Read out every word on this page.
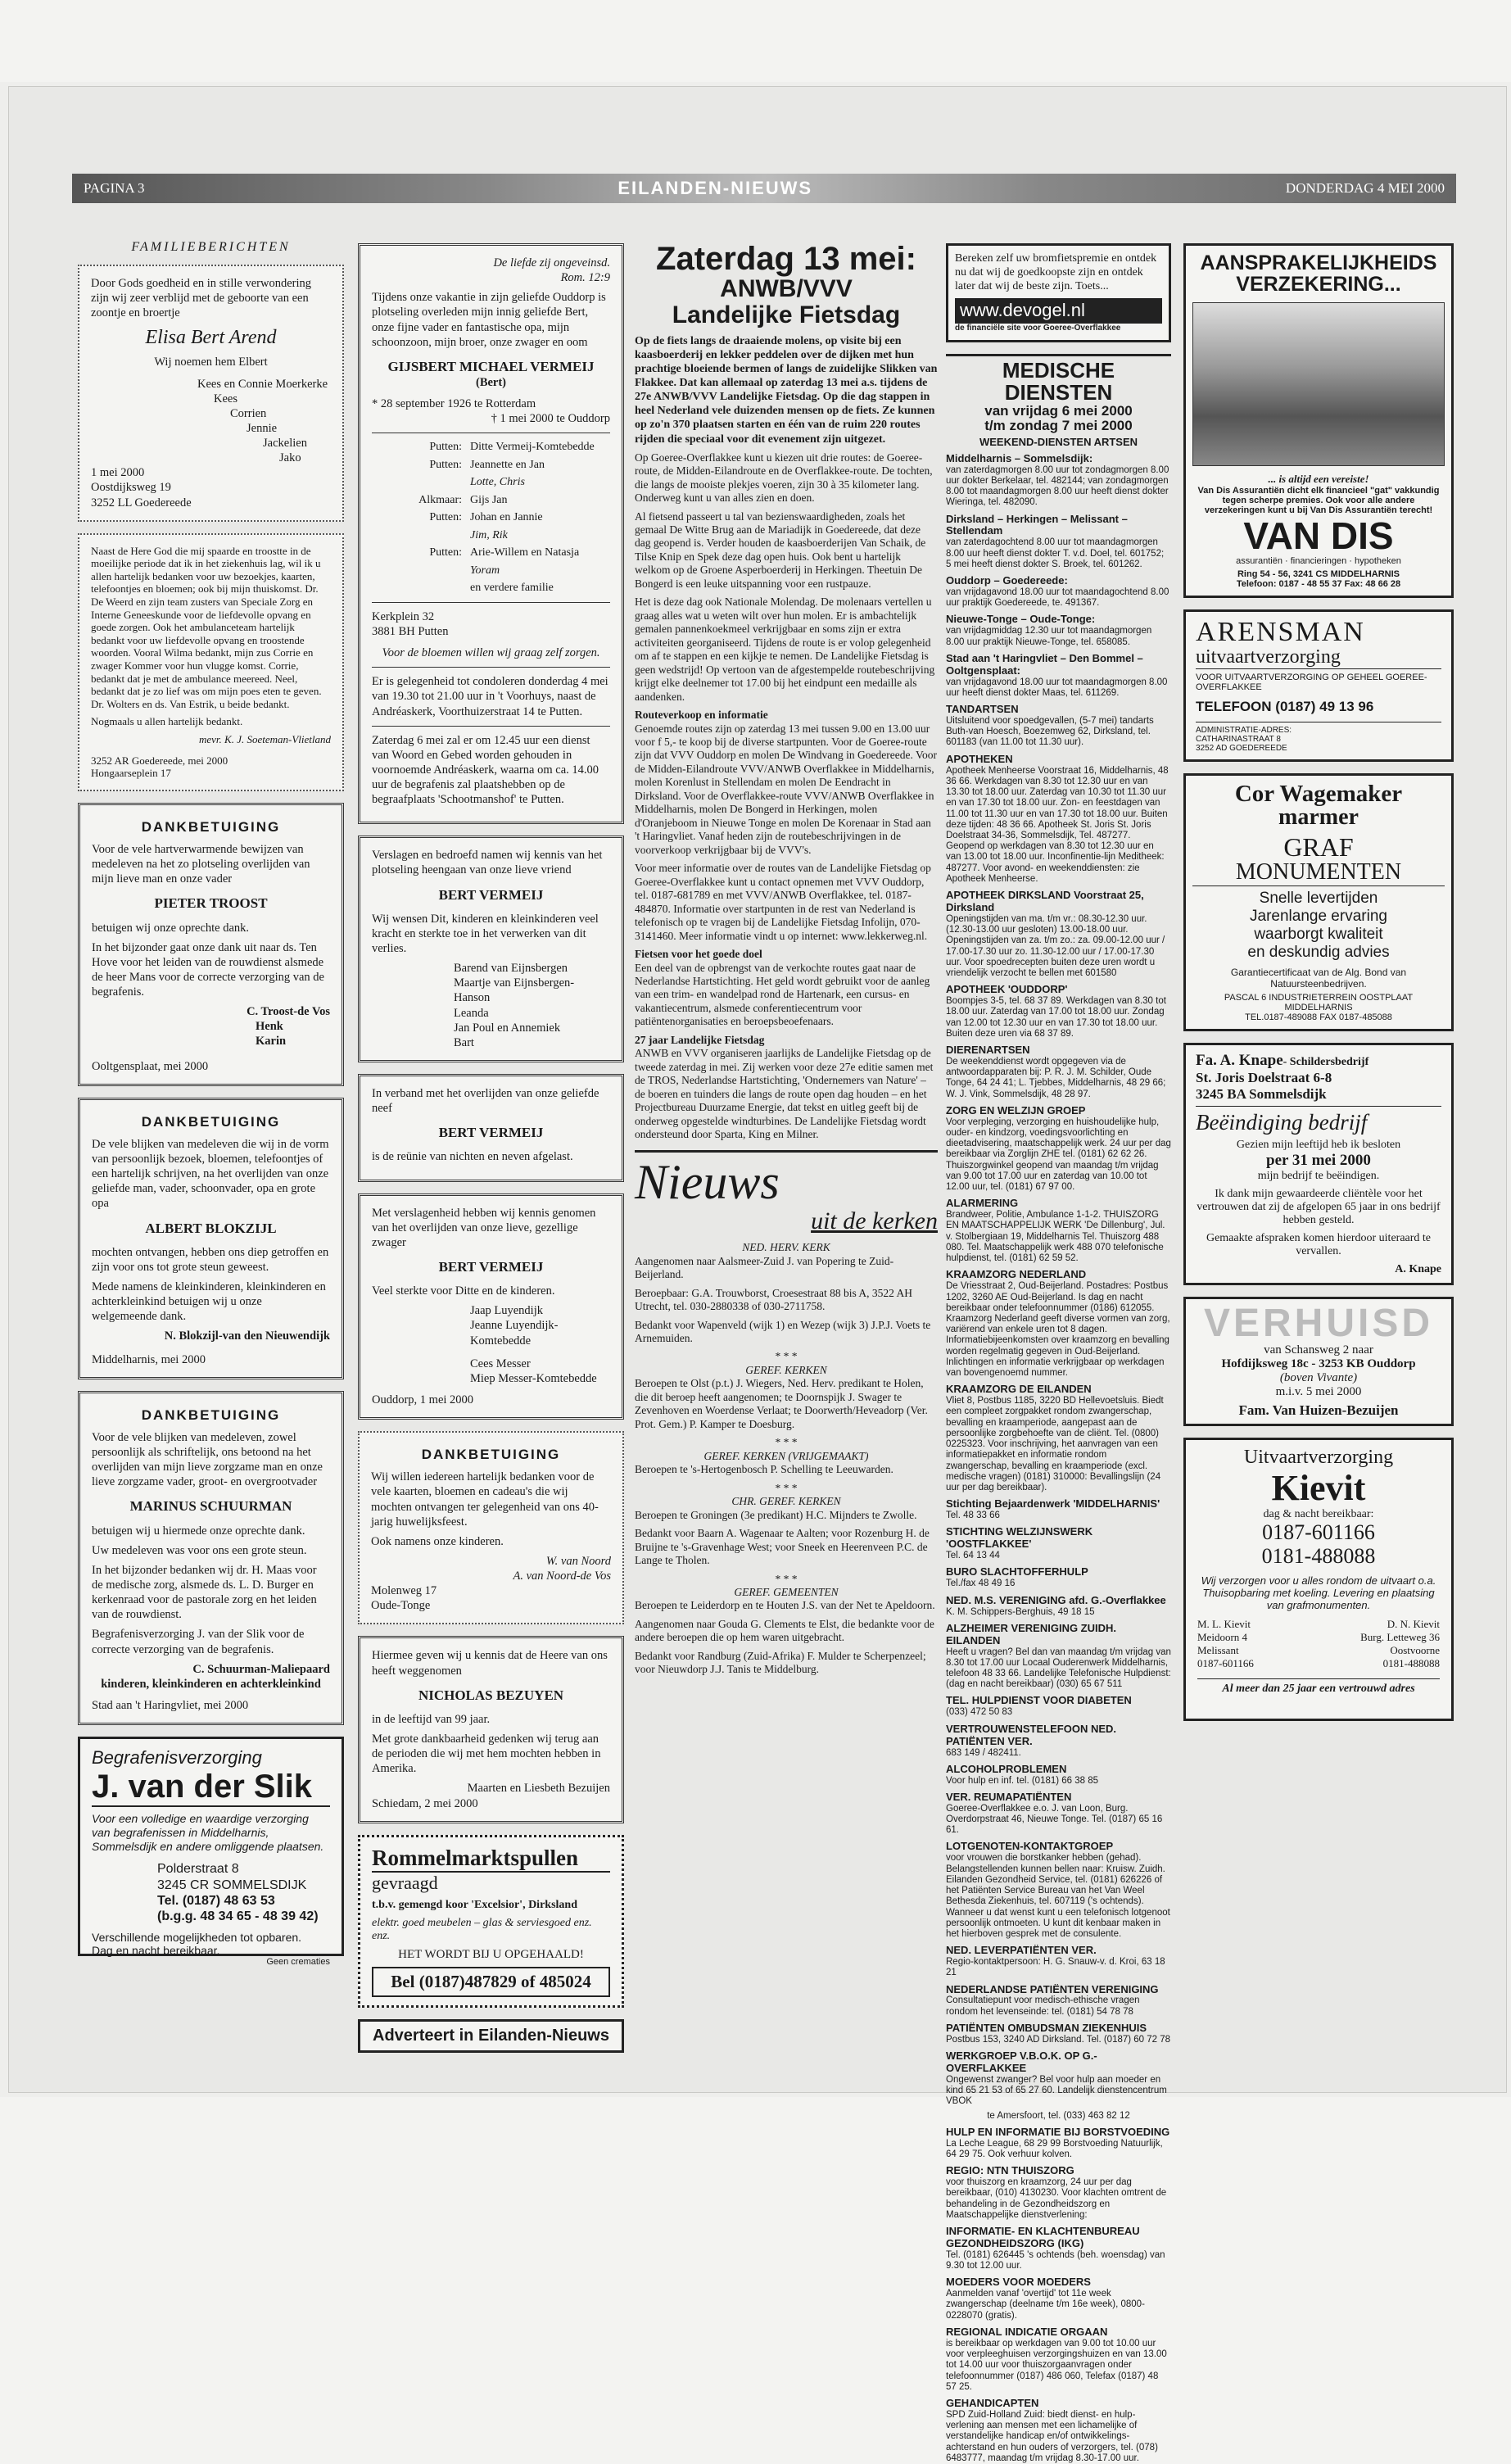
PAGINA 3	EILANDEN-NIEUWS	DONDERDAG 4 MEI 2000
FAMILIEBERICHTEN

Door Gods goedheid en in stille verwondering zijn wij zeer verblijd met de geboorte van een zoontje en broertje

Elisa Bert Arend
Wij noemen hem Elbert
Kees en Connie Moerkerke
Kees
Corrien
Jennie
Jackelien
Jako
1 mei 2000
Oostdijksweg 19
3252 LL Goedereede

Naast de Here God die mij spaarde en troostte in de moeilijke periode dat ik in het ziekenhuis lag, wil ik u allen hartelijk bedanken voor uw bezoekjes, kaarten, telefoontjes en bloemen; ook bij mijn thuiskomst. Dr. De Weerd en zijn team zusters van Speciale Zorg en Interne Geneeskunde voor de liefdevolle opvang en goede zorgen. Ook het ambulanceteam hartelijk bedankt voor uw liefdevolle opvang en troostende woorden. Vooral Wilma bedankt, mijn zus Corrie en zwager Kommer voor hun vlugge komst. Corrie, bedankt dat je met de ambulance meereed. Neel, bedankt dat je zo lief was om mijn poes eten te geven. Dr. Wolters en ds. Van Estrik, u beide bedankt.

Nogmaals u allen hartelijk bedankt.

mevr. K. J. Soeteman-Vlietland
3252 AR Goedereede, mei 2000
Hongaarseplein 17
DANKBETUIGING

Voor de vele hartverwarmende bewijzen van medeleven na het zo plotseling overlijden van mijn lieve man en onze vader

PIETER TROOST

betuigen wij onze oprechte dank.

In het bijzonder gaat onze dank uit naar ds. Ten Hove voor het leiden van de rouwdienst alsmede de heer Mans voor de correcte verzorging van de begrafenis.

C. Troost-de Vos
Henk
Karin
Ooltgensplaat, mei 2000
DANKBETUIGING

De vele blijken van medeleven die wij in de vorm van persoonlijk bezoek, bloemen, telefoontjes of een hartelijk schrijven, na het overlijden van onze geliefde man, vader, schoonvader, opa en grote opa

ALBERT BLOKZIJL

mochten ontvangen, hebben ons diep getroffen en zijn voor ons tot grote steun geweest.

Mede namens de kleinkinderen, kleinkinderen en achterkleinkind betuigen wij u onze welgemeende dank.

N. Blokzijl-van den Nieuwendijk
Middelharnis, mei 2000
DANKBETUIGING

Voor de vele blijken van medeleven, zowel persoonlijk als schriftelijk, ons betoond na het overlijden van mijn lieve zorgzame man en onze lieve zorgzame vader, groot- en overgrootvader

MARINUS SCHUURMAN

betuigen wij u hiermede onze oprechte dank.

Uw medeleven was voor ons een grote steun.

In het bijzonder bedanken wij dr. H. Maas voor de medische zorg, alsmede ds. L. D. Burger en kerkenraad voor de pastorale zorg en het leiden van de rouwdienst.

Begrafenisverzorging J. van der Slik voor de correcte verzorging van de begrafenis.

C. Schuurman-Maliepaard
kinderen, kleinkinderen en achterkleinkind
Stad aan 't Haringvliet, mei 2000
Begrafenisverzorging
J. van der Slik
Voor een volledige en waardige verzorging van begrafenissen in Middelharnis, Sommelsdijk en andere omliggende plaatsen.
Polderstraat 8
3245 CR SOMMELSDIJK
Tel. (0187) 48 63 53
(b.g.g. 48 34 65 - 48 39 42)
Verschillende mogelijkheden tot opbaren.
Dag en nacht bereikbaar.
Geen crematies
De liefde zij ongeveinsd.
Rom. 12:9

Tijdens onze vakantie in zijn geliefde Ouddorp is plotseling overleden mijn innig geliefde Bert, onze fijne vader en fantastische opa, mijn schoonzoon, mijn broer, onze zwager en oom

GIJSBERT MICHAEL VERMEIJ
(Bert)
* 28 september 1926 te Rotterdam
† 1 mei 2000 te Ouddorp
Putten: Ditte Vermeij-Komtebedde
Putten: Jeannette en Jan
Lotte, Chris
Alkmaar: Gijs Jan
Putten: Johan en Jannie
Jim, Rik
Putten: Arie-Willem en Natasja
Yoram
en verdere familie
Kerkplein 32
3881 BH Putten
Voor de bloemen willen wij graag zelf zorgen.

Er is gelegenheid tot condoleren donderdag 4 mei van 19.30 tot 21.00 uur in 't Voorhuys, naast de Andréaskerk, Voorthuizerstraat 14 te Putten.

Zaterdag 6 mei zal er om 12.45 uur een dienst van Woord en Gebed worden gehouden in voornoemde Andréaskerk, waarna om ca. 14.00 uur de begrafenis zal plaatshebben op de begraafplaats 'Schootmanshof' te Putten.

Verslagen en bedroefd namen wij kennis van het plotseling heengaan van onze lieve vriend

BERT VERMEIJ

Wij wensen Dit, kinderen en kleinkinderen veel kracht en sterkte toe in het verwerken van dit verlies.

Barend van Eijnsbergen
Maartje van Eijnsbergen-Hanson
Leanda
Jan Poul en Annemiek
Bart

In verband met het overlijden van onze geliefde neef

BERT VERMEIJ

is de reünie van nichten en neven afgelast.

Met verslagenheid hebben wij kennis genomen van het overlijden van onze lieve, gezellige zwager

BERT VERMEIJ

Veel sterkte voor Ditte en de kinderen.

Jaap Luyendijk
Jeanne Luyendijk-Komtebedde
Cees Messer
Miep Messer-Komtebedde
Ouddorp, 1 mei 2000
DANKBETUIGING

Wij willen iedereen hartelijk bedanken voor de vele kaarten, bloemen en cadeau's die wij mochten ontvangen ter gelegenheid van ons 40-jarig huwelijksfeest.

Ook namens onze kinderen.

W. van Noord
A. van Noord-de Vos
Molenweg 17
Oude-Tonge

Hiermee geven wij u kennis dat de Heere van ons heeft weggenomen

NICHOLAS BEZUYEN

in de leeftijd van 99 jaar.

Met grote dankbaarheid gedenken wij terug aan de perioden die wij met hem mochten hebben in Amerika.

Maarten en Liesbeth Bezuijen
Schiedam, 2 mei 2000
Rommelmarktspullen
gevraagd
t.b.v. gemengd koor 'Excelsior', Dirksland
elektr. goed meubelen – glas & serviesgoed enz. enz.
HET WORDT BIJ U OPGEHAALD!
Bel (0187)487829 of 485024
Adverteert in Eilanden-Nieuws
Zaterdag 13 mei:
ANWB/VVV
Landelijke Fietsdag

Op de fiets langs de draaiende molens, op visite bij een kaasboerderij en lekker peddelen over de dijken met hun prachtige bloeiende bermen of langs de zuidelijke Slikken van Flakkee. Dat kan allemaal op zaterdag 13 mei a.s. tijdens de 27e ANWB/VVV Landelijke Fietsdag. Op die dag stappen in heel Nederland vele duizenden mensen op de fiets. Ze kunnen op zo'n 370 plaatsen starten en één van de ruim 220 routes rijden die speciaal voor dit evenement zijn uitgezet.

Op Goeree-Overflakkee kunt u kiezen uit drie routes: de Goeree-route, de Midden-Eilandroute en de Overflakkee-route. De tochten, die langs de mooiste plekjes voeren, zijn 30 à 35 kilometer lang. Onderweg kunt u van alles zien en doen.

Al fietsend passeert u tal van bezienswaardigheden, zoals het gemaal De Witte Brug aan de Mariadijk in Goedereede, dat deze dag geopend is. Verder houden de kaasboerderijen Van Schaik, de Tilse Knip en Spek deze dag open huis. Ook bent u hartelijk welkom op de Groene Asperboerderij in Herkingen. Theetuin De Bongerd is een leuke uitspanning voor een rustpauze.

Het is deze dag ook Nationale Molendag. De molenaars vertellen u graag alles wat u weten wilt over hun molen. Er is ambachtelijk gemalen pannenkoekmeel verkrijgbaar en soms zijn er extra activiteiten georganiseerd. Tijdens de route is er volop gelegenheid om af te stappen en een kijkje te nemen. De Landelijke Fietsdag is geen wedstrijd! Op vertoon van de afgestempelde routebeschrijving krijgt elke deelnemer tot 17.00 bij het eindpunt een medaille als aandenken.

Routeverkoop en informatie

Genoemde routes zijn op zaterdag 13 mei tussen 9.00 en 13.00 uur voor f 5,- te koop bij de diverse startpunten. Voor de Goeree-route zijn dat VVV Ouddorp en molen De Windvang in Goedereede. Voor de Midden-Eilandroute VVV/ANWB Overflakkee in Middelharnis, molen Korenlust in Stellendam en molen De Eendracht in Dirksland. Voor de Overflakkee-route VVV/ANWB Overflakkee in Middelharnis, molen De Bongerd in Herkingen, molen d'Oranjeboom in Nieuwe Tonge en molen De Korenaar in Stad aan 't Haringvliet. Vanaf heden zijn de routebeschrijvingen in de voorverkoop verkrijgbaar bij de VVV's.

Voor meer informatie over de routes van de Landelijke Fietsdag op Goeree-Overflakkee kunt u contact opnemen met VVV Ouddorp, tel. 0187-681789 en met VVV/ANWB Overflakkee, tel. 0187-484870. Informatie over startpunten in de rest van Nederland is telefonisch op te vragen bij de Landelijke Fietsdag Infolijn, 070-3141460. Meer informatie vindt u op internet: www.lekkerweg.nl.

Fietsen voor het goede doel

Een deel van de opbrengst van de verkochte routes gaat naar de Nederlandse Hartstichting. Het geld wordt gebruikt voor de aanleg van een trim- en wandelpad rond de Hartenark, een cursus- en vakantiecentrum, alsmede conferentiecentrum voor patiëntenorganisaties en beroepsbeoefenaars.

27 jaar Landelijke Fietsdag

ANWB en VVV organiseren jaarlijks de Landelijke Fietsdag op de tweede zaterdag in mei. Zij werken voor deze 27e editie samen met de TROS, Nederlandse Hartstichting, 'Ondernemers van Nature' – de boeren en tuinders die langs de route open dag houden – en het Projectbureau Duurzame Energie, dat tekst en uitleg geeft bij de onderweg opgestelde windturbines. De Landelijke Fietsdag wordt ondersteund door Sparta, King en Milner.

Nieuws
uit de kerken
NED. HERV. KERK

Aangenomen naar Aalsmeer-Zuid J. van Popering te Zuid-Beijerland.

Beroepbaar: G.A. Trouwborst, Croesestraat 88 bis A, 3522 AH Utrecht, tel. 030-2880338 of 030-2711758.

Bedankt voor Wapenveld (wijk 1) en Wezep (wijk 3) J.P.J. Voets te Arnemuiden.

* * *
GEREF. KERKEN

Beroepen te Olst (p.t.) J. Wiegers, Ned. Herv. predikant te Holen, die dit beroep heeft aangenomen; te Doornspijk J. Swager te Zevenhoven en Woerdense Verlaat; te Doorwerth/Heveadorp (Ver. Prot. Gem.) P. Kamper te Doesburg.

* * *
GEREF. KERKEN (VRIJGEMAAKT)

Beroepen te 's-Hertogenbosch P. Schelling te Leeuwarden.

* * *
CHR. GEREF. KERKEN

Beroepen te Groningen (3e predikant) H.C. Mijnders te Zwolle.

Bedankt voor Baarn A. Wagenaar te Aalten; voor Rozenburg H. de Bruijne te 's-Gravenhage West; voor Sneek en Heerenveen P.C. de Lange te Tholen.

* * *
GEREF. GEMEENTEN

Beroepen te Leiderdorp en te Houten J.S. van der Net te Apeldoorn.

Aangenomen naar Gouda G. Clements te Elst, die bedankte voor de andere beroepen die op hem waren uitgebracht.

Bedankt voor Randburg (Zuid-Afrika) F. Mulder te Scherpenzeel; voor Nieuwdorp J.J. Tanis te Middelburg.

Bereken zelf uw bromfietspremie en ontdek nu dat wij de goedkoopste zijn en ontdek later dat wij de beste zijn. Toets...

www.devogel.nl
de financiële site voor Goeree-Overflakkee
MEDISCHE DIENSTEN
van vrijdag 6 mei 2000
t/m zondag 7 mei 2000
WEEKEND-DIENSTEN ARTSEN
Middelharnis – Sommelsdijk:
van zaterdagmorgen 8.00 uur tot zondagmorgen 8.00 uur dokter Berkelaar, tel. 482144; van zondagmorgen 8.00 tot maandagmorgen 8.00 uur heeft dienst dokter Wieringa, tel. 482090.
Dirksland – Herkingen – Melissant – Stellendam
van zaterdagochtend 8.00 uur tot maandagmorgen 8.00 uur heeft dienst dokter T. v.d. Doel, tel. 601752; 5 mei heeft dienst dokter S. Broek, tel. 601262.
Ouddorp – Goedereede:
van vrijdagavond 18.00 uur tot maandagochtend 8.00 uur praktijk Goedereede, te. 491367.
Nieuwe-Tonge – Oude-Tonge:
van vrijdagmiddag 12.30 uur tot maandagmorgen 8.00 uur praktijk Nieuwe-Tonge, tel. 658085.
Stad aan 't Haringvliet – Den Bommel – Ooltgensplaat:
van vrijdagavond 18.00 uur tot maandagmorgen 8.00 uur heeft dienst dokter Maas, tel. 611269.
TANDARTSEN
Uitsluitend voor spoedgevallen, (5-7 mei) tandarts Buth-van Hoesch, Boezemweg 62, Dirksland, tel. 601183 (van 11.00 tot 11.30 uur).
APOTHEKEN
Apotheek Menheerse Voorstraat 16, Middelharnis, 48 36 66. Werkdagen van 8.30 tot 12.30 uur en van 13.30 tot 18.00 uur. Zaterdag van 10.30 tot 11.30 uur en van 17.30 tot 18.00 uur. Zon- en feestdagen van 11.00 tot 11.30 uur en van 17.30 tot 18.00 uur. Buiten deze tijden: 48 36 66. Apotheek St. Joris St. Joris Doelstraat 34-36, Sommelsdijk, Tel. 487277. Geopend op werkdagen van 8.30 tot 12.30 uur en van 13.00 tot 18.00 uur. Inconfinentie-lijn Meditheek: 487277. Voor avond- en weekenddiensten: zie Apotheek Menheerse.
APOTHEEK DIRKSLAND Voorstraat 25, Dirksland
Openingstijden van ma. t/m vr.: 08.30-12.30 uur. (12.30-13.00 uur gesloten) 13.00-18.00 uur. Openingstijden van za. t/m zo.: za. 09.00-12.00 uur / 17.00-17.30 uur zo. 11.30-12.00 uur / 17.00-17.30 uur. Voor spoedrecepten buiten deze uren wordt u vriendelijk verzocht te bellen met 601580
APOTHEEK 'OUDDORP'
Boompjes 3-5, tel. 68 37 89. Werkdagen van 8.30 tot 18.00 uur. Zaterdag van 17.00 tot 18.00 uur. Zondag van 12.00 tot 12.30 uur en van 17.30 tot 18.00 uur. Buiten deze uren via 68 37 89.
DIERENARTSEN
De weekenddienst wordt opgegeven via de antwoordapparaten bij: P. R. J. M. Schilder, Oude Tonge, 64 24 41; L. Tjebbes, Middelharnis, 48 29 66; W. J. Vink, Sommelsdijk, 48 28 97.
ZORG EN WELZIJN GROEP
Voor verpleging, verzorging en huishoudelijke hulp, ouder- en kindzorg, voedingsvoorlichting en dieetadvisering, maatschappelijk werk. 24 uur per dag bereikbaar via Zorglijn ZHE tel. (0181) 62 62 26. Thuiszorgwinkel geopend van maandag t/m vrijdag van 9.00 tot 17.00 uur en zaterdag van 10.00 tot 12.00 uur, tel. (0181) 67 97 00.
ALARMERING
Brandweer, Politie, Ambulance 1-1-2. THUISZORG EN MAATSCHAPPELIJK WERK 'De Dillenburg', Jul. v. Stolbergiaan 19, Middelharnis Tel. Thuiszorg 488 080. Tel. Maatschappelijk werk 488 070 telefonische hulpdienst, tel. (0181) 62 59 52.
KRAAMZORG NEDERLAND
De Vriesstraat 2, Oud-Beijerland. Postadres: Postbus 1202, 3260 AE Oud-Beijerland. Is dag en nacht bereikbaar onder telefoonnummer (0186) 612055. Kraamzorg Nederland geeft diverse vormen van zorg, variërend van enkele uren tot 8 dagen. Informatiebijeenkomsten over kraamzorg en bevalling worden regelmatig gegeven in Oud-Beijerland. Inlichtingen en informatie verkrijgbaar op werkdagen van bovengenoemd nummer.
KRAAMZORG DE EILANDEN
Vliet 8, Postbus 1185, 3220 BD Hellevoetsluis. Biedt een compleet zorgpakket rondom zwangerschap, bevalling en kraamperiode, aangepast aan de persoonlijke zorgbehoefte van de cliënt. Tel. (0800) 0225323. Voor inschrijving, het aanvragen van een informatiepakket en informatie rondom zwangerschap, bevalling en kraamperiode (excl. medische vragen) (0181) 310000: Bevallingslijn (24 uur per dag bereikbaar).
Stichting Bejaardenwerk 'MIDDELHARNIS'
Tel. 48 33 66
STICHTING WELZIJNSWERK 'OOSTFLAKKEE'
Tel. 64 13 44
BURO SLACHTOFFERHULP
Tel./fax 48 49 16
NED. M.S. VERENIGING afd. G.-Overflakkee
K. M. Schippers-Berghuis, 49 18 15
ALZHEIMER VERENIGING ZUIDH. EILANDEN
Heeft u vragen? Bel dan van maandag t/m vrijdag van 8.30 tot 17.00 uur Locaal Ouderenwerk Middelharnis, telefoon 48 33 66. Landelijke Telefonische Hulpdienst: (dag en nacht bereikbaar) (030) 65 67 511
TEL. HULPDIENST VOOR DIABETEN
(033) 472 50 83
VERTROUWENSTELEFOON NED. PATIËNTEN VER.
683 149 / 482411.
ALCOHOLPROBLEMEN
Voor hulp en inf. tel. (0181) 66 38 85
VER. REUMAPATIËNTEN
Goeree-Overflakkee e.o. J. van Loon, Burg. Overdorpstraat 46, Nieuwe Tonge. Tel. (0187) 65 16 61.
LOTGENOTEN-KONTAKTGROEP
voor vrouwen die borstkanker hebben (gehad). Belangstellenden kunnen bellen naar: Kruisw. Zuidh. Eilanden Gezondheid Service, tel. (0181) 626226 of het Patiënten Service Bureau van het Van Weel Bethesda Ziekenhuis, tel. 607119 ('s ochtends). Wanneer u dat wenst kunt u een telefonisch lotgenoot persoonlijk ontmoeten. U kunt dit kenbaar maken in het hierboven gesprek met de consulente.
NED. LEVERPATIËNTEN VER.
Regio-kontaktpersoon: H. G. Snauw-v. d. Kroi, 63 18 21
NEDERLANDSE PATIËNTEN VERENIGING
Consultatiepunt voor medisch-ethische vragen rondom het levenseinde: tel. (0181) 54 78 78
PATIËNTEN OMBUDSMAN ZIEKENHUIS
Postbus 153, 3240 AD Dirksland. Tel. (0187) 60 72 78
WERKGROEP V.B.O.K. OP G.-OVERFLAKKEE
Ongewenst zwanger? Bel voor hulp aan moeder en kind 65 21 53 of 65 27 60. Landelijk dienstencentrum VBOK
te Amersfoort, tel. (033) 463 82 12
HULP EN INFORMATIE BIJ BORSTVOEDING
La Leche League, 68 29 99 Borstvoeding Natuurlijk, 64 29 75. Ook verhuur kolven.
REGIO: NTN THUISZORG
voor thuiszorg en kraamzorg, 24 uur per dag bereikbaar, (010) 4130230. Voor klachten omtrent de behandeling in de Gezondheidszorg en Maatschappelijke dienstverlening:
INFORMATIE- EN KLACHTENBUREAU GEZONDHEIDSZORG (IKG)
Tel. (0181) 626445 's ochtends (beh. woensdag) van 9.30 tot 12.00 uur.
MOEDERS VOOR MOEDERS
Aanmelden vanaf 'overtijd' tot 11e week zwangerschap (deelname t/m 16e week), 0800-0228070 (gratis).
REGIONAL INDICATIE ORGAAN
is bereikbaar op werkdagen van 9.00 tot 10.00 uur voor verpleeghuisen verzorgingshuizen en van 13.00 tot 14.00 uur voor thuiszorgaanvragen onder telefoonnummer (0187) 486 060, Telefax (0187) 48 57 25.
GEHANDICAPTEN
SPD Zuid-Holland Zuid: biedt dienst- en hulp-verlening aan mensen met een lichamelijke of verstandelijke handicap en/of ontwikkelings-achterstand en hun ouders of verzorgers, tel. (078) 6483777, maandag t/m vrijdag 8.30-17.00 uur.
AANSPRAKELIJKHEIDS VERZEKERING...
... is altijd een vereiste!
Van Dis Assurantiën dicht elk financieel "gat" vakkundig tegen scherpe premies. Ook voor alle andere verzekeringen kunt u bij Van Dis Assurantiën terecht!
VAN DIS
assurantiën · financieringen · hypotheken
Ring 54 - 56, 3241 CS MIDDELHARNIS
Telefoon: 0187 - 48 55 37 Fax: 48 66 28
ARENSMAN
uitvaartverzorging
VOOR UITVAARTVERZORGING OP GEHEEL GOEREE-OVERFLAKKEE
TELEFOON (0187) 49 13 96
ADMINISTRATIE-ADRES:
CATHARINASTRAAT 8
3252 AD GOEDEREEDE
Cor Wagemaker
marmer
GRAF
MONUMENTEN
Snelle levertijden
Jarenlange ervaring
waarborgt kwaliteit
en deskundig advies
Garantiecertificaat van de Alg. Bond van Natuursteenbedrijven.
PASCAL 6 INDUSTRIETERREIN OOSTPLAAT
MIDDELHARNIS
TEL.0187-489088 FAX 0187-485088
Fa. A. Knape- Schildersbedrijf
St. Joris Doelstraat 6-8
3245 BA Sommelsdijk
Beëindiging bedrijf
Gezien mijn leeftijd heb ik besloten
per 31 mei 2000
mijn bedrijf te beëindigen.

Ik dank mijn gewaardeerde cliëntèle voor het vertrouwen dat zij de afgelopen 65 jaar in ons bedrijf hebben gesteld.

Gemaakte afspraken komen hierdoor uiteraard te vervallen.

A. Knape
VERHUISD
van Schansweg 2 naar
Hofdijksweg 18c - 3253 KB Ouddorp
(boven Vivante)
m.i.v. 5 mei 2000
Fam. Van Huizen-Bezuijen
Uitvaartverzorging
Kievit
dag & nacht bereikbaar:
0187-601166
0181-488088

Wij verzorgen voor u alles rondom de uitvaart o.a. Thuisopbaring met koeling. Levering en plaatsing van grafmonumenten.

M. L. Kievit
Meidoorn 4
Melissant
0187-601166
D. N. Kievit
Burg. Letteweg 36
Oostvoorne
0181-488088
Al meer dan 25 jaar een vertrouwd adres
